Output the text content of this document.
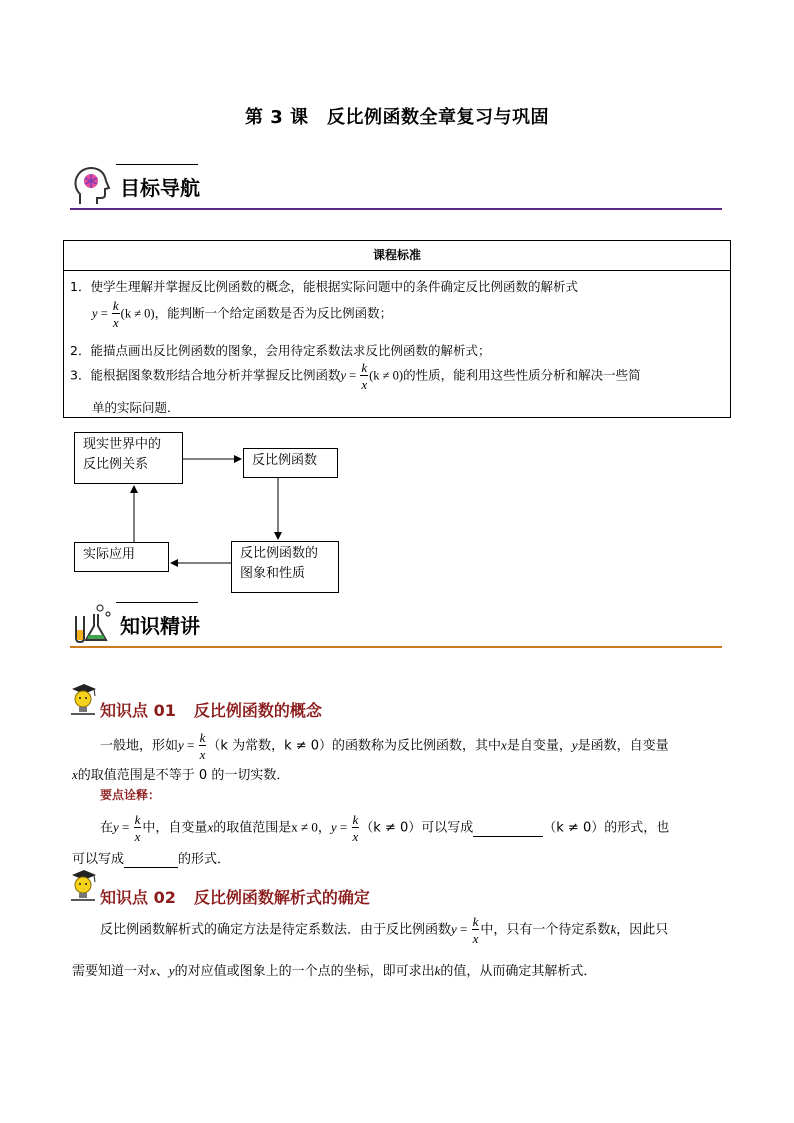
第 3 课　反比例函数全章复习与巩固
目标导航
课程标准
1．使学生理解并掌握反比例函数的概念，能根据实际问题中的条件确定反比例函数的解析式
$y = \frac{k}{x} (k \ne 0)$，能判断一个给定函数是否为反比例函数；
2．能描点画出反比例函数的图象，会用待定系数法求反比例函数的解析式；
3．能根据图象数形结合地分析并掌握反比例函数$y = \frac{k}{x} (k \ne 0)$的性质，能利用这些性质分析和解决一些简
单的实际问题．
现实世界中的
反比例关系	反比例函数
反比例函数的
图象和性质
实际应用
知识精讲
知识点 01 反比例函数的概念
一般地，形如$y = \frac{k}{x} (k$ 为常数，k ≠ 0）的函数称为反比例函数，其中x是自变量，y是函数，自变量
x的取值范围是不等于 0 的一切实数．
要点诠释：
在$y = \frac{k}{x}$ 中，自变量x的取值范围是x ≠ 0，$y = \frac{k}{x} (k \ne 0)$可以写成	（k ≠ 0）的形式，也
可以写成	的形式．
知识点 02 反比例函数解析式的确定
反比例函数解析式的确定方法是待定系数法．由于反比例函数$y = \frac{k}{x}$ 中，只有一个待定系数k，因此只
需要知道一对x、y的对应值或图象上的一个点的坐标，即可求出k的值，从而确定其解析式．
